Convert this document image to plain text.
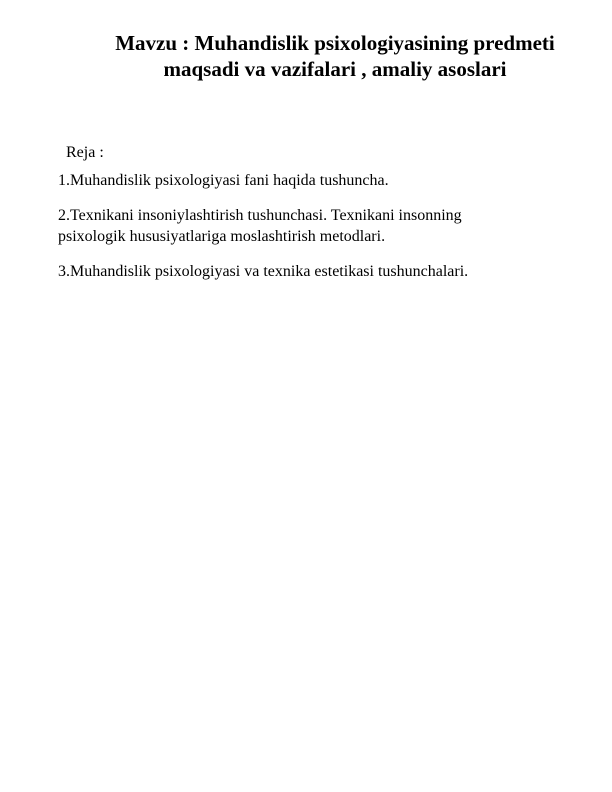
Mavzu : Muhandislik psixologiyasining predmeti
maqsadi va vazifalari , amaliy asoslari
Reja :
1.Muhandislik psixologiyasi fani haqida tushuncha.
2.Texnikani insoniylashtirish tushunchasi. Texnikani insonning
psixologik hususiyatlariga moslashtirish metodlari.
3.Muhandislik psixologiyasi va texnika estetikasi tushunchalari.
